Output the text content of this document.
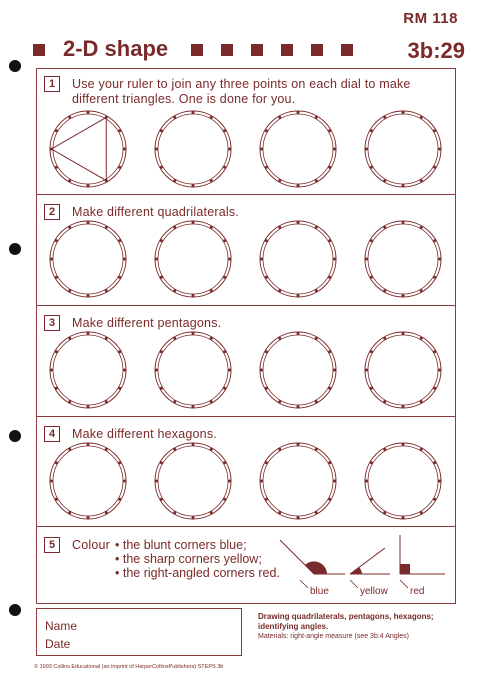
RM 118
2-D shape	3b:29
1	Use your ruler to join any three points on each dial to make
different triangles. One is done for you.
2	Make different quadrilaterals.
3	Make different pentagons.
4	Make different hexagons.
5	Colour • the blunt corners blue;
• the sharp corners yellow;
• the right-angled corners red.
blue	yellow red
Name
Date
Drawing quadrilaterals, pentagons, hexagons;
identifying angles.
Materials: right-angle measure (see 3b:4 Angles)
© 1993 Collins Educational (an imprint of HarperCollinsPublishers) STEPS 3b
